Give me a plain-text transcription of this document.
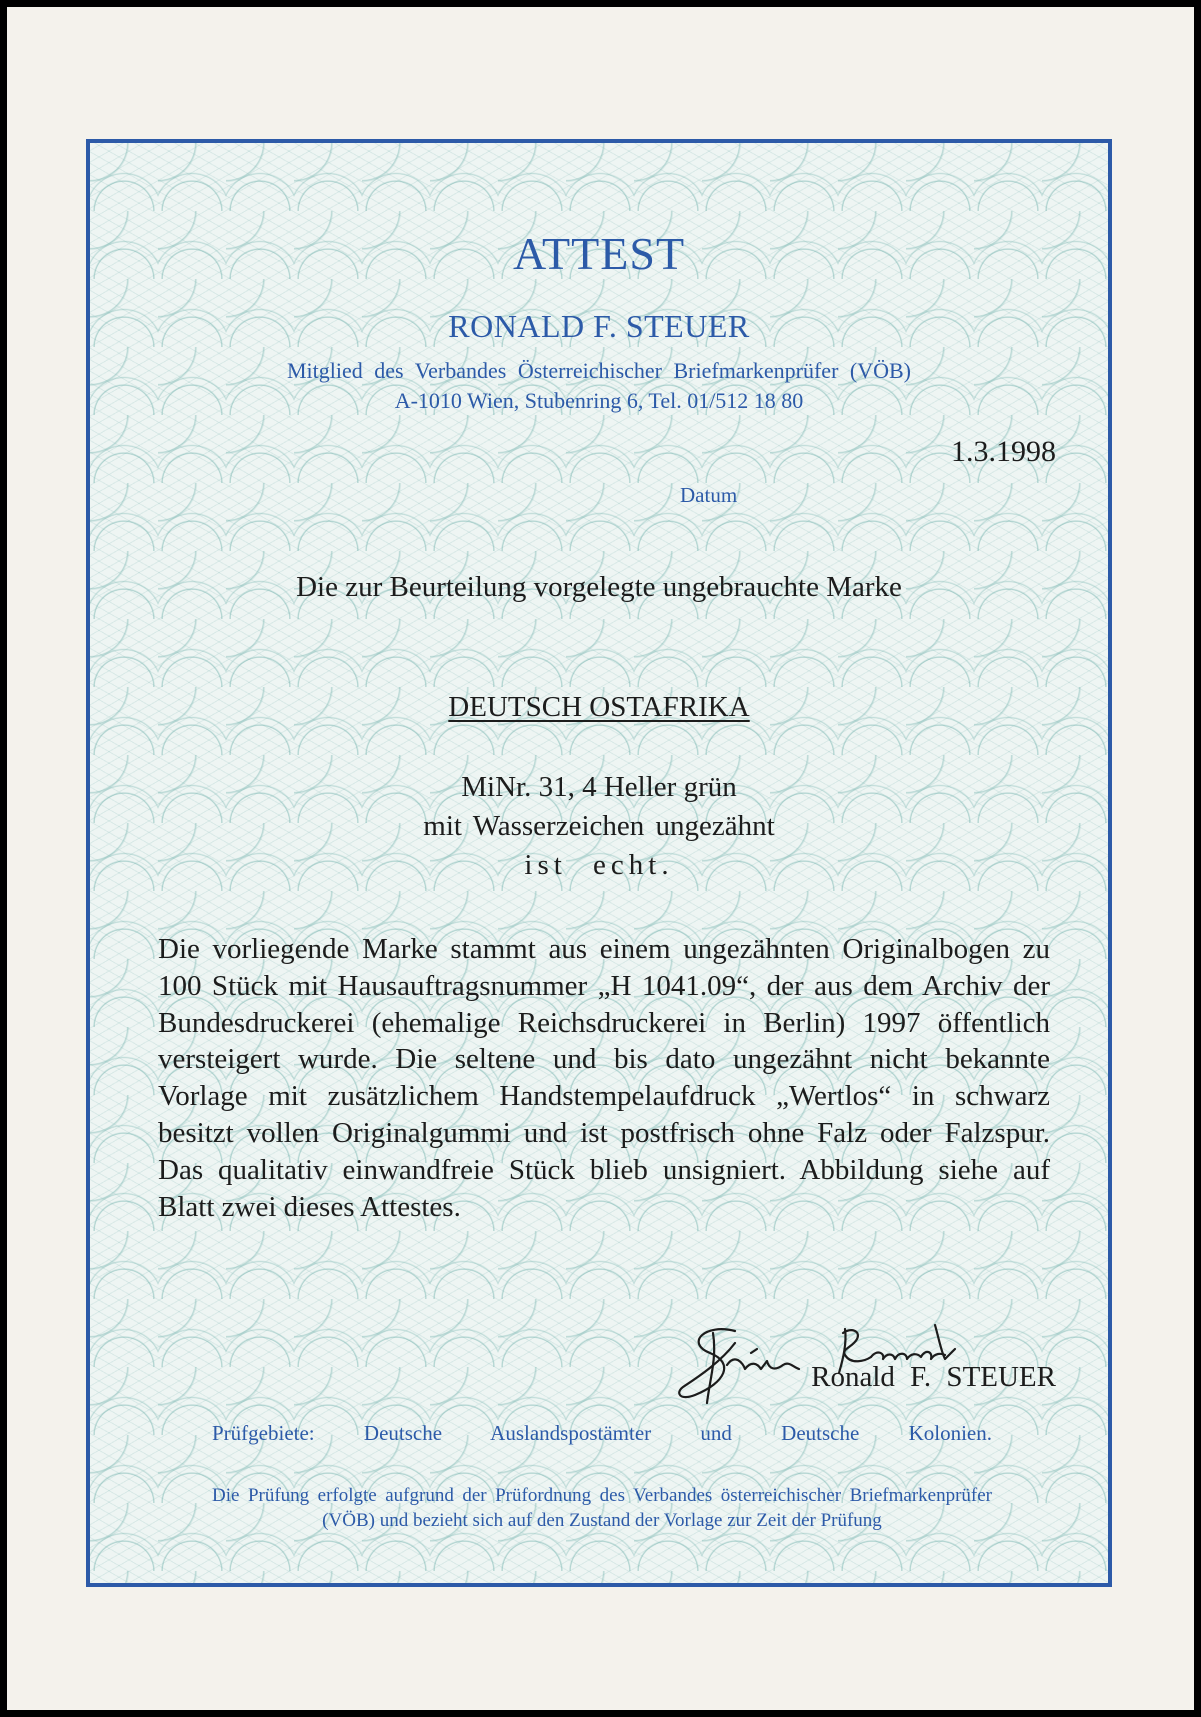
ATTEST
RONALD F. STEUER
Mitglied des Verbandes Österreichischer Briefmarkenprüfer (VÖB)
A-1010 Wien, Stubenring 6, Tel. 01/512 18 80
1.3.1998
Datum
Die zur Beurteilung vorgelegte ungebrauchte Marke
DEUTSCH OSTAFRIKA
MiNr. 31, 4 Heller grün
mit Wasserzeichen ungezähnt
ist echt.

Die vorliegende Marke stammt aus einem ungezähnten Originalbogen zu 100 Stück mit Hausauftragsnummer „H 1041.09“, der aus dem Archiv der Bundesdruckerei (ehemalige Reichsdruckerei in Berlin) 1997 öffentlich versteigert wurde. Die seltene und bis dato ungezähnt nicht bekannte Vorlage mit zusätzlichem Handstempelaufdruck „Wertlos“ in schwarz besitzt vollen Originalgummi und ist postfrisch ohne Falz oder Falzspur. Das qualitativ einwandfreie Stück blieb unsigniert. Abbildung siehe auf Blatt zwei dieses Attestes.

Ronald F. STEUER
Prüfgebiete: Deutsche Auslandspostämter und Deutsche Kolonien.
Die Prüfung erfolgte aufgrund der Prüfordnung des Verbandes österreichischer Briefmarkenprüfer (VÖB) und bezieht sich auf den Zustand der Vorlage zur Zeit der Prüfung
